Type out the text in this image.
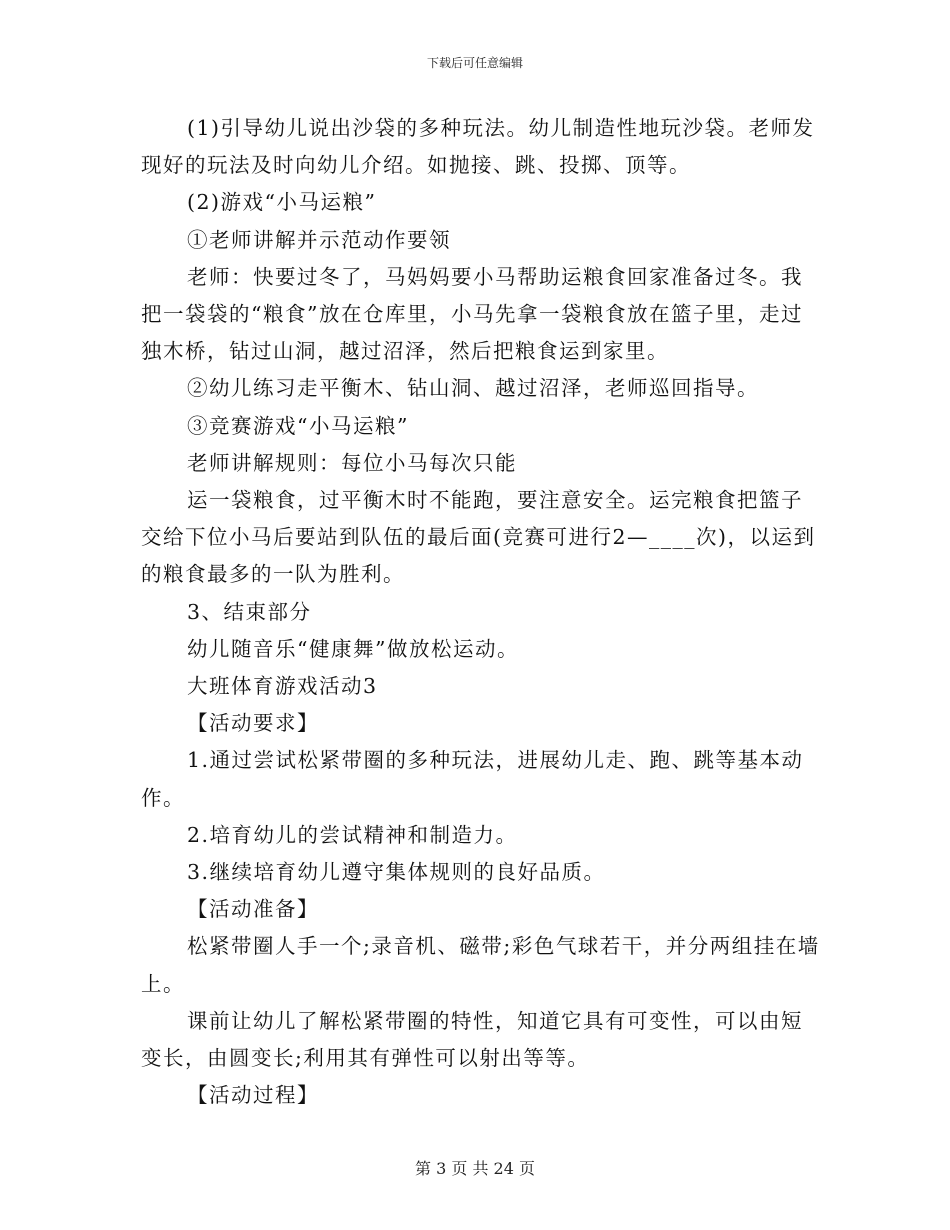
下载后可任意编辑

(1)引导幼儿说出沙袋的多种玩法。幼儿制造性地玩沙袋。老师发现好的玩法及时向幼儿介绍。如抛接、跳、投掷、顶等。

(2)游戏“小马运粮”

①老师讲解并示范动作要领

老师：快要过冬了，马妈妈要小马帮助运粮食回家准备过冬。我把一袋袋的“粮食”放在仓库里，小马先拿一袋粮食放在篮子里，走过独木桥，钻过山洞，越过沼泽，然后把粮食运到家里。

②幼儿练习走平衡木、钻山洞、越过沼泽，老师巡回指导。

③竞赛游戏“小马运粮”

老师讲解规则：每位小马每次只能

运一袋粮食，过平衡木时不能跑，要注意安全。运完粮食把篮子交给下位小马后要站到队伍的最后面(竞赛可进行2—____次)，以运到的粮食最多的一队为胜利。

3、结束部分

幼儿随音乐“健康舞”做放松运动。

大班体育游戏活动3

【活动要求】

1.通过尝试松紧带圈的多种玩法，进展幼儿走、跑、跳等基本动作。

2.培育幼儿的尝试精神和制造力。

3.继续培育幼儿遵守集体规则的良好品质。

【活动准备】

松紧带圈人手一个;录音机、磁带;彩色气球若干，并分两组挂在墙上。

课前让幼儿了解松紧带圈的特性，知道它具有可变性，可以由短变长，由圆变长;利用其有弹性可以射出等等。

【活动过程】

第 3 页 共 24 页
